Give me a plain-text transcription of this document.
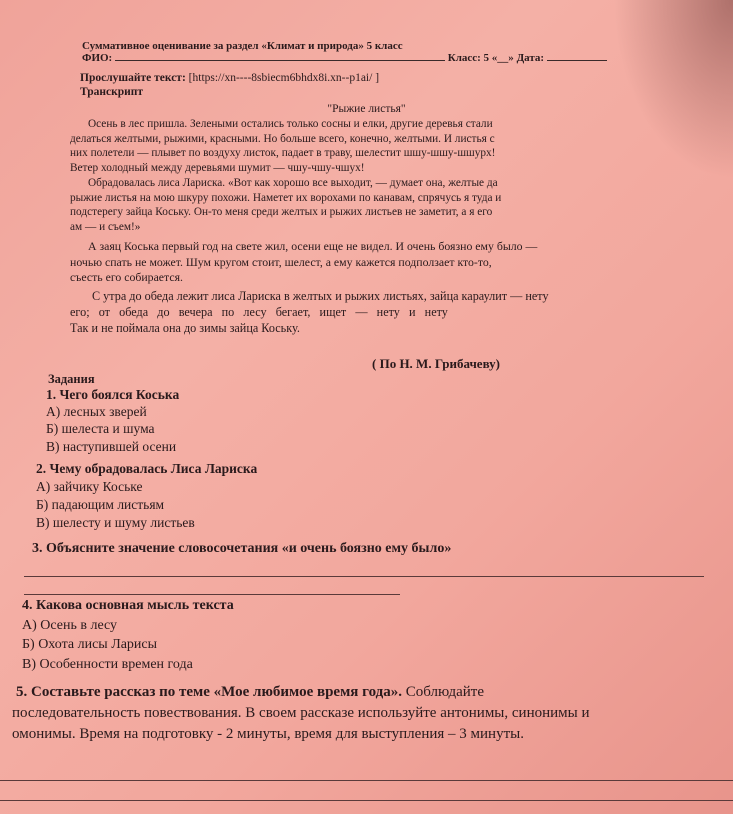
Суммативное оценивание за раздел «Климат и природа» 5 класс
ФИО:	Класс: 5 «__» Дата:
Прослушайте текст: [https://xn----8sbiecm6bhdx8i.xn--p1ai/ ]
Транскрипт
"Рыжие листья"
Осень в лес пришла. Зелеными остались только сосны и елки, другие деревья стали
делаться желтыми, рыжими, красными. Но больше всего, конечно, желтыми. И листья с
них полетели — плывет по воздуху листок, падает в траву, шелестит шшу-шшу-шшурх!
Ветер холодный между деревьями шумит — чшу-чшу-чшух!
Обрадовалась лиса Лариска. «Вот как хорошо все выходит, — думает она, желтые да
рыжие листья на мою шкуру похожи. Наметет их ворохами по канавам, спрячусь я туда и
подстерегу зайца Коську. Он-то меня среди желтых и рыжих листьев не заметит, а я его
ам — и съем!»
А заяц Коська первый год на свете жил, осени еще не видел. И очень боязно ему было —
ночью спать не может. Шум кругом стоит, шелест, а ему кажется подползает кто-то,
съесть его собирается.
С утра до обеда лежит лиса Лариска в желтых и рыжих листьях, зайца караулит — нету
его;   от   обеда   до   вечера   по   лесу   бегает,   ищет   —   нету   и   нету
Так и не поймала она до зимы зайца Коську.
( По Н. М. Грибачеву)
Задания
1. Чего боялся Коська
А) лесных зверей
Б) шелеста и шума
В) наступившей осени
2. Чему обрадовалась Лиса Лариска
А) зайчику Коське
Б) падающим листьям
В) шелесту и шуму листьев
3. Объясните значение словосочетания «и очень боязно ему было»
4. Какова основная мысль текста
А) Осень в лесу
Б) Охота лисы Ларисы
В) Особенности времен года
5. Составьте рассказ по теме «Мое любимое время года». Соблюдайте
последовательность повествования. В своем рассказе используйте антонимы, синонимы и
омонимы. Время на подготовку - 2 минуты, время для выступления – 3 минуты.
